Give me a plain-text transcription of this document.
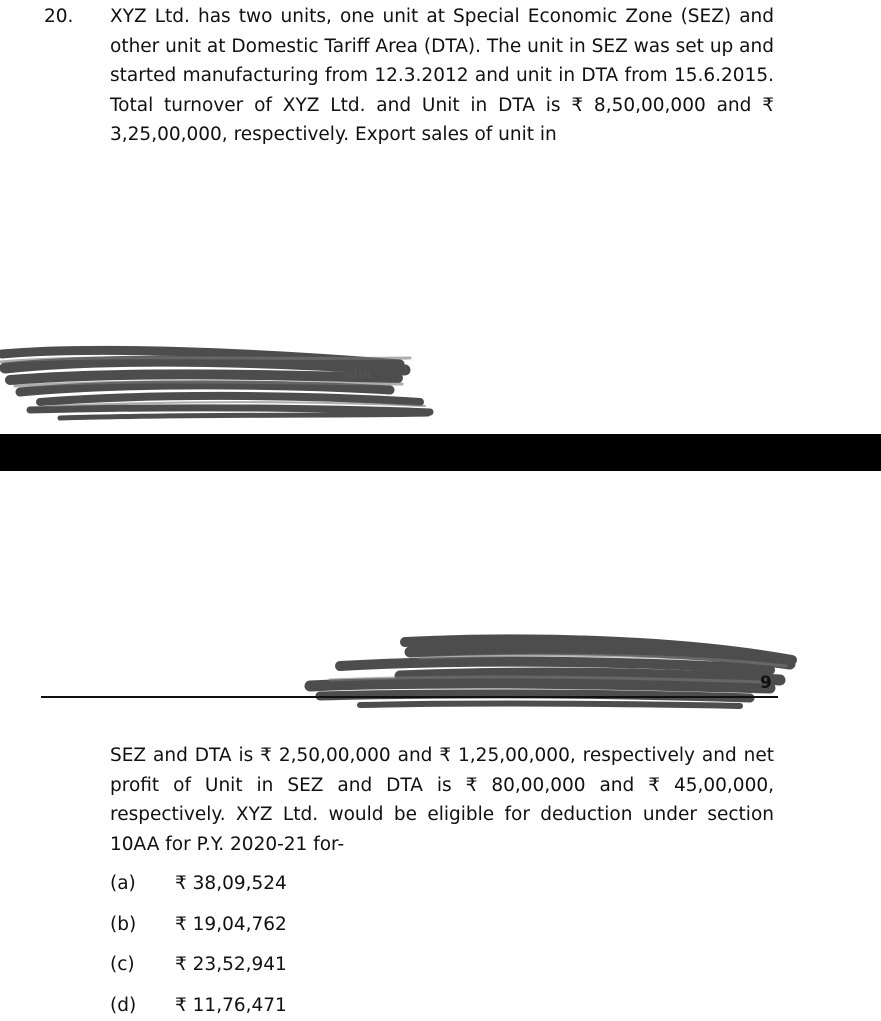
20. XYZ Ltd. has two units, one unit at Special Economic Zone (SEZ) and other unit at Domestic Tariff Area (DTA). The unit in SEZ was set up and started manufacturing from 12.3.2012 and unit in DTA from 15.6.2015. Total turnover of XYZ Ltd. and Unit in DTA is ₹ 8,50,00,000 and ₹ 3,25,00,000, respectively. Export sales of unit in

ndia
9

SEZ and DTA is ₹ 2,50,00,000 and ₹ 1,25,00,000, respectively and net profit of Unit in SEZ and DTA is ₹ 80,00,000 and ₹ 45,00,000, respectively. XYZ Ltd. would be eligible for deduction under section 10AA for P.Y. 2020-21 for-

(a) ₹ 38,09,524
(b) ₹ 19,04,762
(c) ₹ 23,52,941
(d) ₹ 11,76,471
